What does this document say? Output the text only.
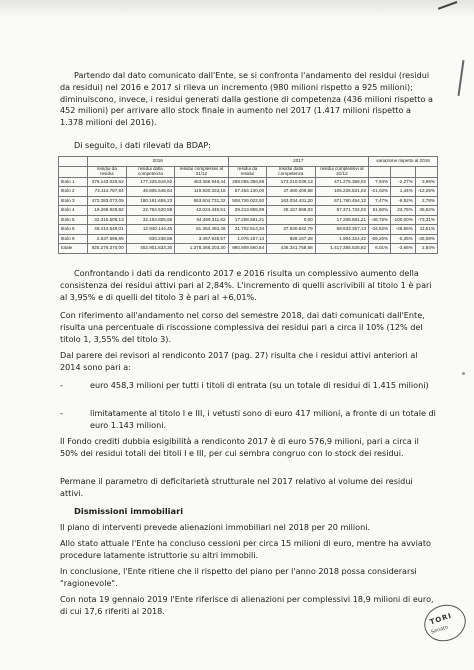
Partendo dal dato comunicato dall'Ente, se si confronta l'andamento dei residui (residui da residui) nel 2016 e 2017 si rileva un incremento (980 milioni rispetto a 925 milioni); diminuiscono, invece, i residui generati dalla gestione di competenza (436 milioni rispetto a 452 milioni) per arrivare allo stock finale in aumento nel 2017 (1.417 milioni rispetto a 1.378 milioni del 2016).

Di seguito, i dati rilevati da BDAP:

	2016			2017			variazione rispetto al 2016		
	residui da residui	residui dalla competenza	residui complessivi al 31/12	residui da residui	residui dalla competenza	residui complessivi al 31/12			
titolo 1	276.143.029,62	177.225.918,82	453.368.948,44	298.065.356,89	173.210.039,13	471.275.396,02	7,94%	-2,27%	3,95%
titolo 2	73.114.787,54	46.805.545,64	119.920.333,18	57.454.130,00	47.480.409,88	105.225.531,02	-21,02%	1,44%	-12,25%
titolo 3	473.383.072,09	180.191.659,23	653.604.731,32	508.726.022,92	163.034.431,20	671.760.454,12	7,47%	-9,52%	2,78%
titolo 4	19.269.928,92	22.754.520,59	42.024.449,51	29.213.865,99	28.157.868,03	57.371.734,02	51,60%	23,75%	36,52%
titolo 5	32.315.506,13	32.153.805,66	64.469.311,82	17.208.581,21	0,00	17.208.581,21	-46,75%	-100,00%	-73,31%
titolo 6	48.414.549,01	12.940.144,45	61.354.493,46	31.702.514,34	37.930.842,79	69.633.357,13	-34,52%	-45,55%	11,51%
titolo 9	2.637.696,69	830.238,88	3.467.935,57	1.076.157,14	828.167,28	1.904.324,42	-59,20%	-0,25%	-45,08%
totale	925.276.370,00	452.901.833,30	1.378.368.203,30	980.909.560,64	436.341.758,58	1.417.355.525,82	6,01%	-3,66%	2,84%

Confrontando i dati da rendiconto 2017 e 2016 risulta un complessivo aumento della consistenza dei residui attivi pari al 2,84%. L'incremento di quelli ascrivibili al titolo 1 è pari al 3,95% e di quelli del titolo 3 è pari al +6,01%.

Con riferimento all'andamento nel corso del semestre 2018, dai dati comunicati dall'Ente, risulta una percentuale di riscossione complessiva dei residui pari a circa il 10% (12% del titolo 1, 3,55% del titolo 3).

Dal parere dei revisori al rendiconto 2017 (pag. 27) risulta che i residui attivi anteriori al 2014 sono pari a:

-	euro 458,3 milioni per tutti i titoli di entrata (su un totale di residui di 1.415 milioni)

-	limitatamente al titolo I e III, i vetusti sono di euro 417 milioni, a fronte di un totale di euro 1.143 milioni.

Il Fondo crediti dubbia esigibilità a rendiconto 2017 è di euro 576,9 milioni, pari a circa il 50% dei residui totali dei titoli I e III, per cui sembra congruo con lo stock dei residui.

Permane il parametro di deficitarietà strutturale nel 2017 relativo al volume dei residui attivi.

Dismissioni immobiliari

Il piano di interventi prevede alienazioni immobiliari nel 2018 per 20 milioni.

Allo stato attuale l'Ente ha concluso cessioni per circa 15 milioni di euro, mentre ha avviato procedure latamente istruttorie su altri immobili.

In conclusione, l'Ente ritiene che il rispetto del piano per l'anno 2018 possa considerarsi "ragionevole".

Con nota 19 gennaio 2019 l'Ente riferisce di alienazioni per complessivi 18,9 milioni di euro, di cui 17,6 riferiti al 2018.

TORI
Senato
